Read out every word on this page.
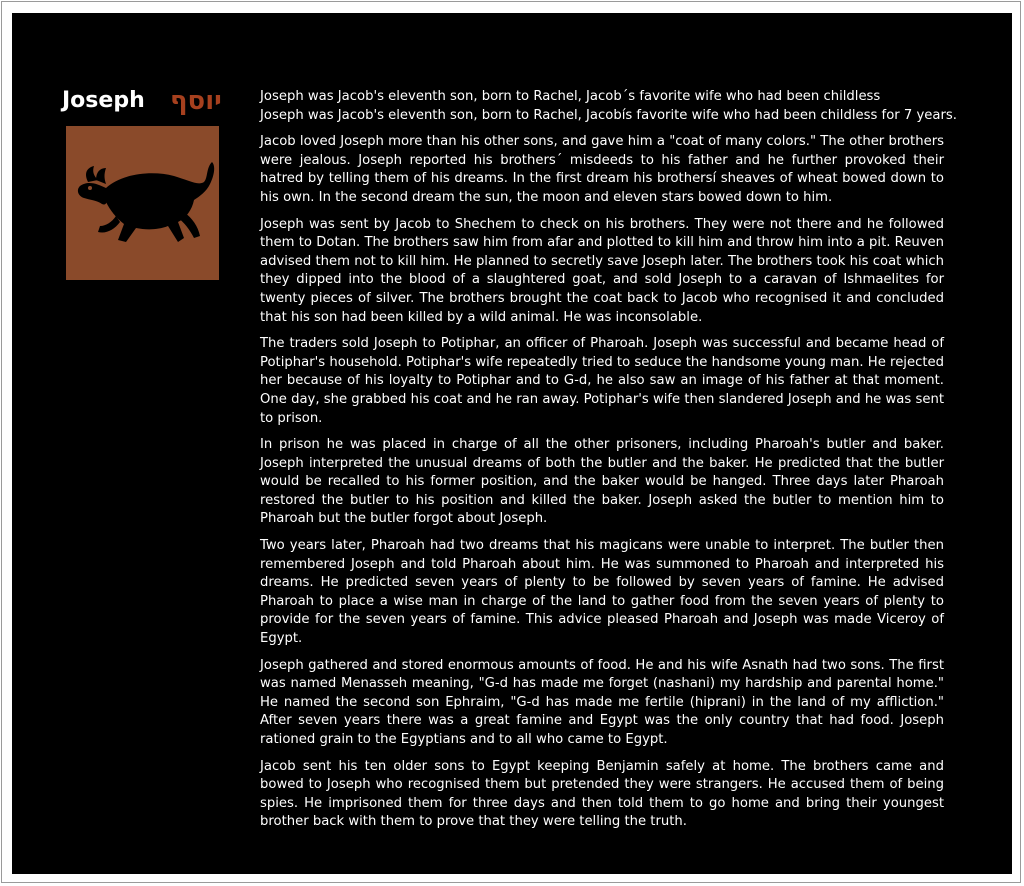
Joseph יוסף	Joseph was Jacob's eleventh son, born to Rachel, Jacob´s favorite wife who had been childless
Joseph was Jacob's eleventh son, born to Rachel, Jacobís favorite wife who had been childless for 7 years.

Jacob loved Joseph more than his other sons, and gave him a "coat of many colors." The other brothers were jealous. Joseph reported his brothers´ misdeeds to his father and he further provoked their hatred by telling them of his dreams. In the first dream his brothersí sheaves of wheat bowed down to his own. In the second dream the sun, the moon and eleven stars bowed down to him.

Joseph was sent by Jacob to Shechem to check on his brothers. They were not there and he followed them to Dotan. The brothers saw him from afar and plotted to kill him and throw him into a pit. Reuven advised them not to kill him. He planned to secretly save Joseph later. The brothers took his coat which they dipped into the blood of a slaughtered goat, and sold Joseph to a caravan of Ishmaelites for twenty pieces of silver. The brothers brought the coat back to Jacob who recognised it and concluded that his son had been killed by a wild animal. He was inconsolable.

The traders sold Joseph to Potiphar, an officer of Pharoah. Joseph was successful and became head of Potiphar's household. Potiphar's wife repeatedly tried to seduce the handsome young man. He rejected her because of his loyalty to Potiphar and to G-d, he also saw an image of his father at that moment. One day, she grabbed his coat and he ran away. Potiphar's wife then slandered Joseph and he was sent to prison.

In prison he was placed in charge of all the other prisoners, including Pharoah's butler and baker. Joseph interpreted the unusual dreams of both the butler and the baker. He predicted that the butler would be recalled to his former position, and the baker would be hanged. Three days later Pharoah restored the butler to his position and killed the baker. Joseph asked the butler to mention him to Pharoah but the butler forgot about Joseph.

Two years later, Pharoah had two dreams that his magicans were unable to interpret. The butler then remembered Joseph and told Pharoah about him. He was summoned to Pharoah and interpreted his dreams. He predicted seven years of plenty to be followed by seven years of famine. He advised Pharoah to place a wise man in charge of the land to gather food from the seven years of plenty to provide for the seven years of famine. This advice pleased Pharoah and Joseph was made Viceroy of Egypt.

Joseph gathered and stored enormous amounts of food. He and his wife Asnath had two sons. The first was named Menasseh meaning, "G-d has made me forget (nashani) my hardship and parental home." He named the second son Ephraim, "G-d has made me fertile (hiprani) in the land of my affliction." After seven years there was a great famine and Egypt was the only country that had food. Joseph rationed grain to the Egyptians and to all who came to Egypt.

Jacob sent his ten older sons to Egypt keeping Benjamin safely at home. The brothers came and bowed to Joseph who recognised them but pretended they were strangers. He accused them of being spies. He imprisoned them for three days and then told them to go home and bring their youngest brother back with them to prove that they were telling the truth.
